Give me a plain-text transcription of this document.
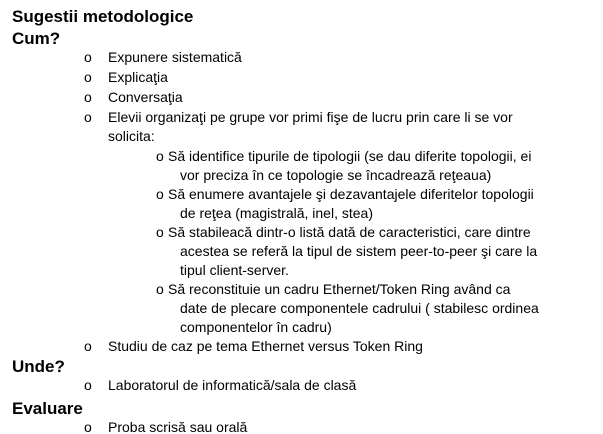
Sugestii metodologice
Cum?
o Expunere sistematică
o Explicaţia
o Conversaţia
o Elevii organizaţi pe grupe vor primi fişe de lucru prin care li se vor
solicita:
o Să identifice tipurile de tipologii (se dau diferite topologii, ei
vor preciza în ce topologie se încadrează reţeaua)
o Să enumere avantajele şi dezavantajele diferitelor topologii
de reţea (magistrală, inel, stea)
o Să stabileacă dintr-o listă dată de caracteristici, care dintre
acestea se referă la tipul de sistem peer-to-peer şi care la
tipul client-server.
o Să reconstituie un cadru Ethernet/Token Ring având ca
date de plecare componentele cadrului ( stabilesc ordinea
componentelor în cadru)
o Studiu de caz pe tema Ethernet versus Token Ring
Unde?
o Laboratorul de informatică/sala de clasă
Evaluare
o Proba scrisă sau orală
